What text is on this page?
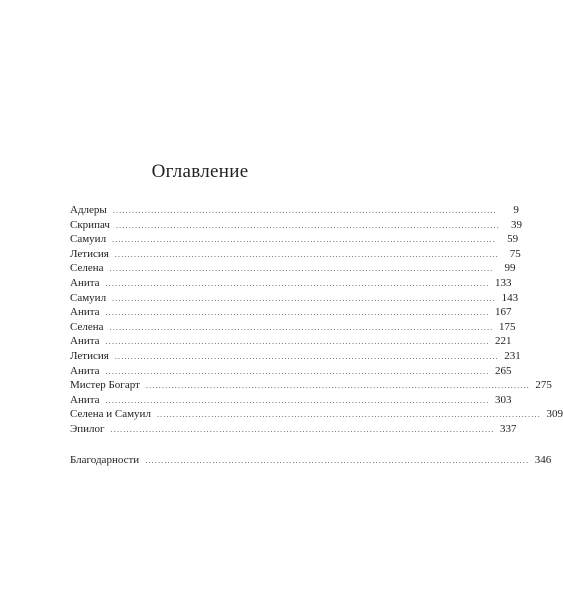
Оглавление
Адлеры ........................................................................................................................	9
Скрипач ........................................................................................................................	39
Самуил ........................................................................................................................	59
Летисия ........................................................................................................................	75
Селена ........................................................................................................................	99
Анита ........................................................................................................................ 133
Самуил ........................................................................................................................ 143
Анита ........................................................................................................................ 167
Селена ........................................................................................................................ 175
Анита ........................................................................................................................ 221
Летисия ........................................................................................................................ 231
Анита ........................................................................................................................ 265
Мистер Богарт ........................................................................................................................ 275
Анита ........................................................................................................................ 303
Селена и Самуил ........................................................................................................................ 309
Эпилог ........................................................................................................................ 337
Благодарности ........................................................................................................................ 346
